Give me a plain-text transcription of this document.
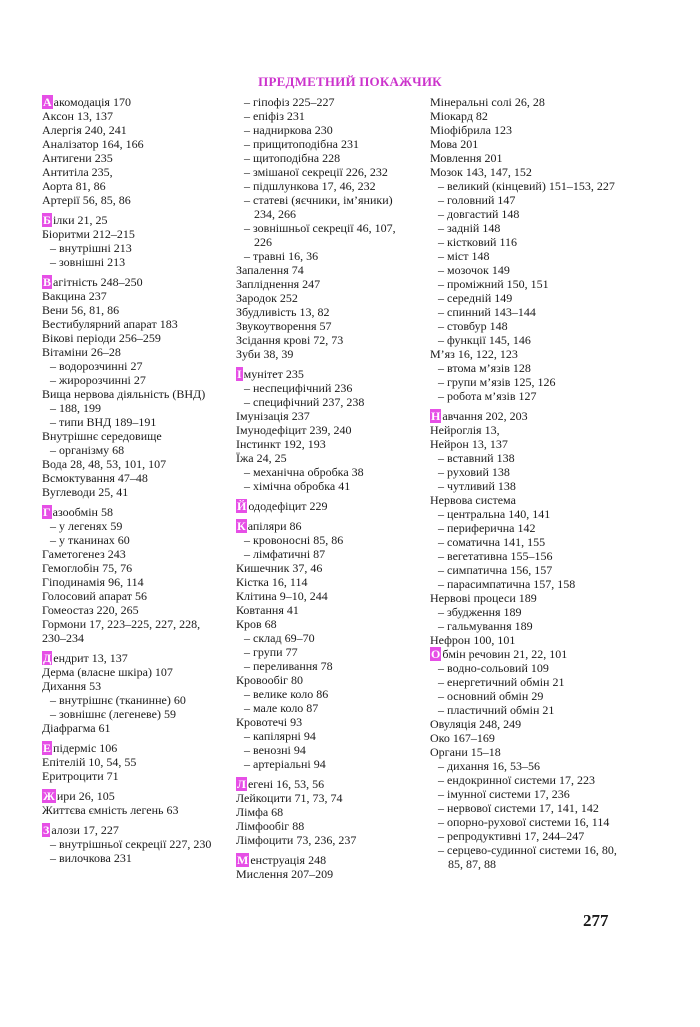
ПРЕДМЕТНИЙ ПОКАЖЧИК
А акомодація 170
Аксон 13, 137
Алергія 240, 241
Аналізатор 164, 166
Антигени 235
Антитіла 235,
Аорта 81, 86
Артерії 56, 85, 86
Б ілки 21, 25
Біоритми 212–215
– внутрішні 213
– зовнішні 213
В агітність 248–250
Вакцина 237
Вени 56, 81, 86
Вестибулярний апарат 183
Вікові періоди 256–259
Вітаміни 26–28
– водорозчинні 27
– жиророзчинні 27
Вища нервова діяльність (ВНД)
– 188, 199
– типи ВНД 189–191
Внутрішнє середовище
– організму 68
Вода 28, 48, 53, 101, 107
Всмоктування 47–48
Вуглеводи 25, 41
Г азообмін 58
– у легенях 59
– у тканинах 60
Гаметогенез 243
Гемоглобін 75, 76
Гіподинамія 96, 114
Голосовий апарат 56
Гомеостаз 220, 265
Гормони 17, 223–225, 227, 228, 230–234
Д ендрит 13, 137
Дерма (власне шкіра) 107
Дихання 53
– внутрішнє (тканинне) 60
– зовнішнє (легеневе) 59
Діафрагма 61
Е підерміс 106
Епітелій 10, 54, 55
Еритроцити 71
Ж ири 26, 105
Життєва ємність легень 63
З алози 17, 227
– внутрішньої секреції 227, 230
– вилочкова 231
– гіпофіз 225–227
– епіфіз 231
– надниркова 230
– прищитоподібна 231
– щитоподібна 228
– змішаної секреції 226, 232
– підшлункова 17, 46, 232
– статеві (яєчники, ім’яники) 234, 266
– зовнішньої секреції 46, 107, 226
– травні 16, 36
Запалення 74
Запліднення 247
Зародок 252
Збудливість 13, 82
Звукоутворення 57
Зсідання крові 72, 73
Зуби 38, 39
І мунітет 235
– неспецифічний 236
– специфічний 237, 238
Імунізація 237
Імунодефіцит 239, 240
Інстинкт 192, 193
Їжа 24, 25
– механічна обробка 38
– хімічна обробка 41
Й ододефіцит 229
К апіляри 86
– кровоносні 85, 86
– лімфатичні 87
Кишечник 37, 46
Кістка 16, 114
Клітина 9–10, 244
Ковтання 41
Кров 68
– склад 69–70
– групи 77
– переливання 78
Кровообіг 80
– велике коло 86
– мале коло 87
Кровотечі 93
– капілярні 94
– венозні 94
– артеріальні 94
Л егені 16, 53, 56
Лейкоцити 71, 73, 74
Лімфа 68
Лімфообіг 88
Лімфоцити 73, 236, 237
М енструація 248
Мислення 207–209
Мінеральні солі 26, 28
Міокард 82
Міофібрила 123
Мова 201
Мовлення 201
Мозок 143, 147, 152
– великий (кінцевий) 151–153, 227
– головний 147
– довгастий 148
– задній 148
– кістковий 116
– міст 148
– мозочок 149
– проміжний 150, 151
– середній 149
– спинний 143–144
– стовбур 148
– функції 145, 146
М’яз 16, 122, 123
– втома м’язів 128
– групи м’язів 125, 126
– робота м’язів 127
Н авчання 202, 203
Нейроглія 13,
Нейрон 13, 137
– вставний 138
– руховий 138
– чутливий 138
Нервова система
– центральна 140, 141
– периферична 142
– соматична 141, 155
– вегетативна 155–156
– симпатична 156, 157
– парасимпатична 157, 158
Нервові процеси 189
– збудження 189
– гальмування 189
Нефрон 100, 101
О бмін речовин 21, 22, 101
– водно-сольовий 109
– енергетичний обмін 21
– основний обмін 29
– пластичний обмін 21
Овуляція 248, 249
Око 167–169
Органи 15–18
– дихання 16, 53–56
– ендокринної системи 17, 223
– імунної системи 17, 236
– нервової системи 17, 141, 142
– опорно-рухової системи 16, 114
– репродуктивні 17, 244–247
– серцево-судинної системи 16, 80, 85, 87, 88
277
